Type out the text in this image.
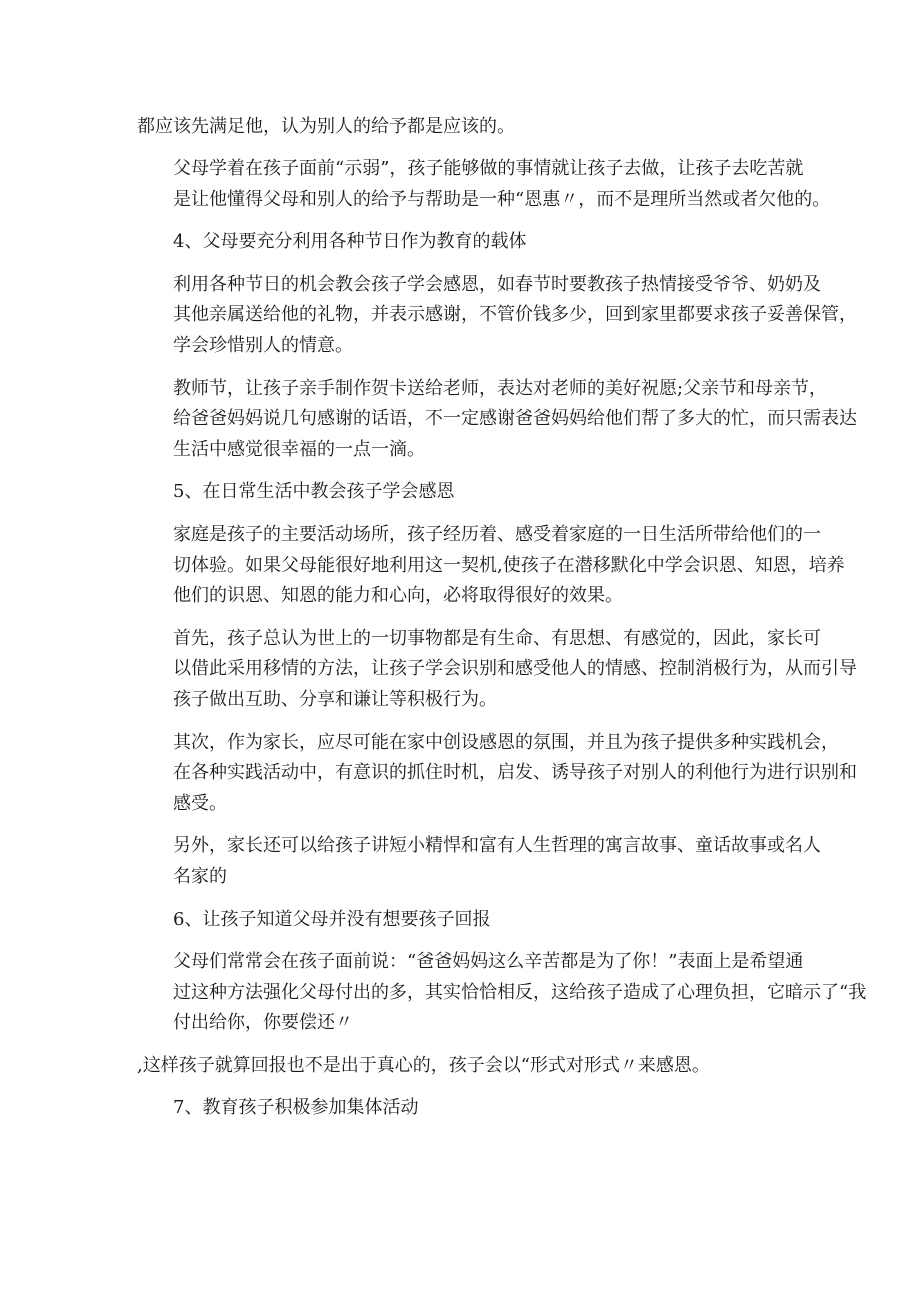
都应该先满足他，认为别人的给予都是应该的。
父母学着在孩子面前“示弱”，孩子能够做的事情就让孩子去做，让孩子去吃苦就
是让他懂得父母和别人的给予与帮助是一种“恩惠〃，而不是理所当然或者欠他的。
4、父母要充分利用各种节日作为教育的载体
利用各种节日的机会教会孩子学会感恩，如春节时要教孩子热情接受爷爷、奶奶及
其他亲属送给他的礼物，并表示感谢，不管价钱多少，回到家里都要求孩子妥善保管，
学会珍惜别人的情意。
教师节，让孩子亲手制作贺卡送给老师，表达对老师的美好祝愿;父亲节和母亲节，
给爸爸妈妈说几句感谢的话语，不一定感谢爸爸妈妈给他们帮了多大的忙，而只需表达
生活中感觉很幸福的一点一滴。
5、在日常生活中教会孩子学会感恩
家庭是孩子的主要活动场所，孩子经历着、感受着家庭的一日生活所带给他们的一
切体验。如果父母能很好地利用这一契机,使孩子在潜移默化中学会识恩、知恩，培养
他们的识恩、知恩的能力和心向，必将取得很好的效果。
首先，孩子总认为世上的一切事物都是有生命、有思想、有感觉的，因此，家长可
以借此采用移情的方法，让孩子学会识别和感受他人的情感、控制消极行为，从而引导
孩子做出互助、分享和谦让等积极行为。
其次，作为家长，应尽可能在家中创设感恩的氛围，并且为孩子提供多种实践机会，
在各种实践活动中，有意识的抓住时机，启发、诱导孩子对别人的利他行为进行识别和
感受。
另外，家长还可以给孩子讲短小精悍和富有人生哲理的寓言故事、童话故事或名人
名家的
6、让孩子知道父母并没有想要孩子回报
父母们常常会在孩子面前说：“爸爸妈妈这么辛苦都是为了你！”表面上是希望通
过这种方法强化父母付出的多，其实恰恰相反，这给孩子造成了心理负担，它暗示了“我
付出给你，你要偿还〃
,这样孩子就算回报也不是出于真心的，孩子会以“形式对形式〃来感恩。
7、教育孩子积极参加集体活动
